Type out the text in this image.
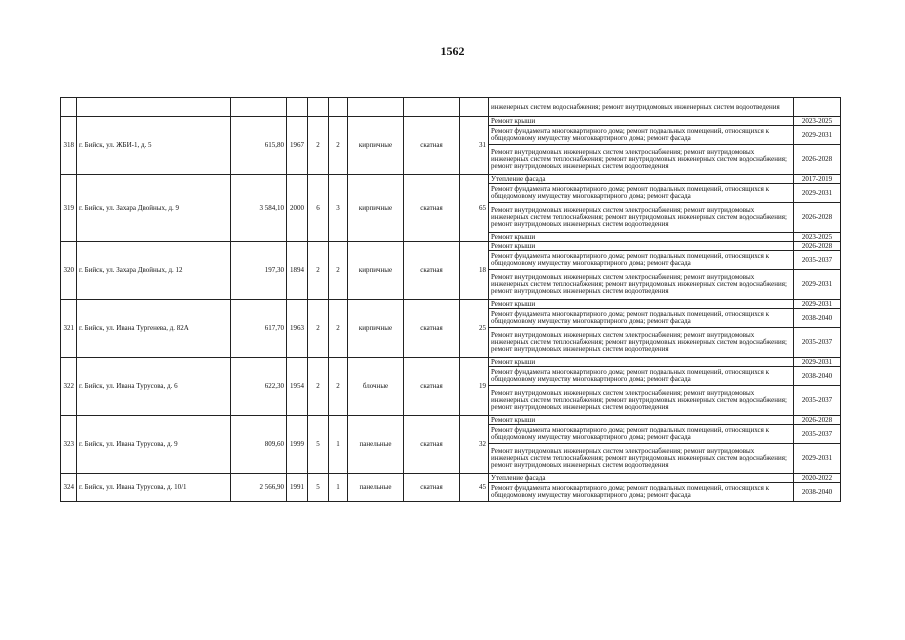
1562
									инженерных систем водоснабжения; ремонт внутридомовых инженерных систем водоотведения	
318	г. Бийск, ул. ЖБИ-1, д. 5	615,80	1967	2	2	кирпичные	скатная	31	Ремонт крыши	2023-2025
									Ремонт фундамента многоквартирного дома; ремонт подвальных помещений, относящихся к общедомовому имуществу многоквартирного дома; ремонт фасада	2029-2031
									Ремонт внутридомовых инженерных систем электроснабжения; ремонт внутридомовых инженерных систем теплоснабжения; ремонт внутридомовых инженерных систем водоснабжения; ремонт внутридомовых инженерных систем водоотведения	2026-2028
319	г. Бийск, ул. Захара Двойных, д. 9	3 584,10	2000	6	3	кирпичные	скатная	65	Утепление фасада	2017-2019
									Ремонт фундамента многоквартирного дома; ремонт подвальных помещений, относящихся к общедомовому имуществу многоквартирного дома; ремонт фасада	2029-2031
									Ремонт внутридомовых инженерных систем электроснабжения; ремонт внутридомовых инженерных систем теплоснабжения; ремонт внутридомовых инженерных систем водоснабжения; ремонт внутридомовых инженерных систем водоотведения	2026-2028
									Ремонт крыши	2023-2025
320	г. Бийск, ул. Захара Двойных, д. 12	197,30	1894	2	2	кирпичные	скатная	18	Ремонт крыши	2026-2028
									Ремонт фундамента многоквартирного дома; ремонт подвальных помещений, относящихся к общедомовому имуществу многоквартирного дома; ремонт фасада	2035-2037
									Ремонт внутридомовых инженерных систем электроснабжения; ремонт внутридомовых инженерных систем теплоснабжения; ремонт внутридомовых инженерных систем водоснабжения; ремонт внутридомовых инженерных систем водоотведения	2029-2031
321	г. Бийск, ул. Ивана Тургенева, д. 82А	617,70	1963	2	2	кирпичные	скатная	25	Ремонт крыши	2029-2031
									Ремонт фундамента многоквартирного дома; ремонт подвальных помещений, относящихся к общедомовому имуществу многоквартирного дома; ремонт фасада	2038-2040
									Ремонт внутридомовых инженерных систем электроснабжения; ремонт внутридомовых инженерных систем теплоснабжения; ремонт внутридомовых инженерных систем водоснабжения; ремонт внутридомовых инженерных систем водоотведения	2035-2037
322	г. Бийск, ул. Ивана Турусова, д. 6	622,30	1954	2	2	блочные	скатная	19	Ремонт крыши	2029-2031
									Ремонт фундамента многоквартирного дома; ремонт подвальных помещений, относящихся к общедомовому имуществу многоквартирного дома; ремонт фасада	2038-2040
									Ремонт внутридомовых инженерных систем электроснабжения; ремонт внутридомовых инженерных систем теплоснабжения; ремонт внутридомовых инженерных систем водоснабжения; ремонт внутридомовых инженерных систем водоотведения	2035-2037
323	г. Бийск, ул. Ивана Турусова, д. 9	809,60	1999	5	1	панельные	скатная	32	Ремонт крыши	2026-2028
									Ремонт фундамента многоквартирного дома; ремонт подвальных помещений, относящихся к общедомовому имуществу многоквартирного дома; ремонт фасада	2035-2037
									Ремонт внутридомовых инженерных систем электроснабжения; ремонт внутридомовых инженерных систем теплоснабжения; ремонт внутридомовых инженерных систем водоснабжения; ремонт внутридомовых инженерных систем водоотведения	2029-2031
324	г. Бийск, ул. Ивана Турусова, д. 10/1	2 566,90	1991	5	1	панельные	скатная	45	Утепление фасада	2020-2022
									Ремонт фундамента многоквартирного дома; ремонт подвальных помещений, относящихся к общедомовому имуществу многоквартирного дома; ремонт фасада	2038-2040
